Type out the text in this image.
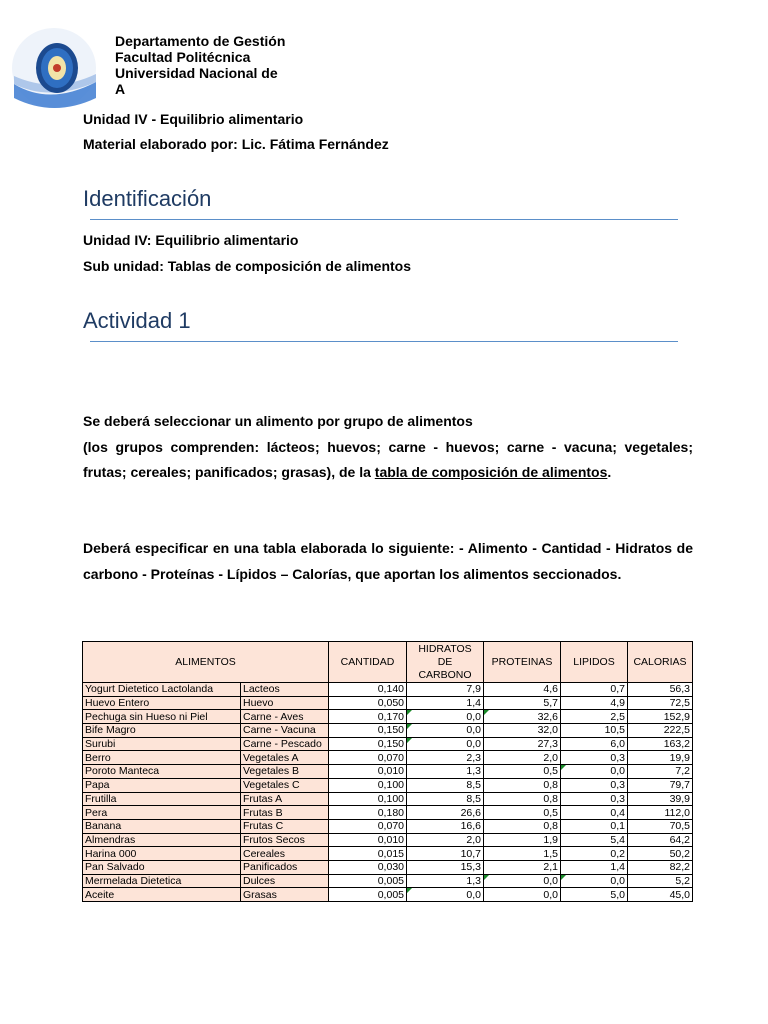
Departamento de Gestión
Facultad Politécnica
Universidad Nacional de
A
Unidad IV - Equilibrio alimentario
Material elaborado por: Lic. Fátima Fernández
Identificación
Unidad IV: Equilibrio alimentario
Sub unidad: Tablas de composición de alimentos
Actividad 1

Se deberá seleccionar un alimento por grupo de alimentos

(los grupos comprenden: lácteos; huevos; carne - huevos; carne - vacuna; vegetales; frutas; cereales; panificados; grasas), de la tabla de composición de alimentos.

Deberá especificar en una tabla elaborada lo siguiente: - Alimento - Cantidad - Hidratos de carbono - Proteínas - Lípidos – Calorías, que aportan los alimentos seccionados.

ALIMENTOS		CANTIDAD	HIDRATOS
DE
CARBONO	PROTEINAS	LIPIDOS	CALORIAS
Yogurt Dietetico Lactolanda	Lacteos	0,140	7,9	4,6	0,7	56,3
Huevo Entero	Huevo	0,050	1,4	5,7	4,9	72,5
Pechuga sin Hueso ni Piel	Carne - Aves	0,170	0,0	32,6	2,5	152,9
Bife Magro	Carne - Vacuna	0,150	0,0	32,0	10,5	222,5
Surubi	Carne - Pescado	0,150	0,0	27,3	6,0	163,2
Berro	Vegetales A	0,070	2,3	2,0	0,3	19,9
Poroto Manteca	Vegetales B	0,010	1,3	0,5	0,0	7,2
Papa	Vegetales C	0,100	8,5	0,8	0,3	79,7
Frutilla	Frutas A	0,100	8,5	0,8	0,3	39,9
Pera	Frutas B	0,180	26,6	0,5	0,4	112,0
Banana	Frutas C	0,070	16,6	0,8	0,1	70,5
Almendras	Frutos Secos	0,010	2,0	1,9	5,4	64,2
Harina 000	Cereales	0,015	10,7	1,5	0,2	50,2
Pan Salvado	Panificados	0,030	15,3	2,1	1,4	82,2
Mermelada Dietetica	Dulces	0,005	1,3	0,0	0,0	5,2
Aceite	Grasas	0,005	0,0	0,0	5,0	45,0
